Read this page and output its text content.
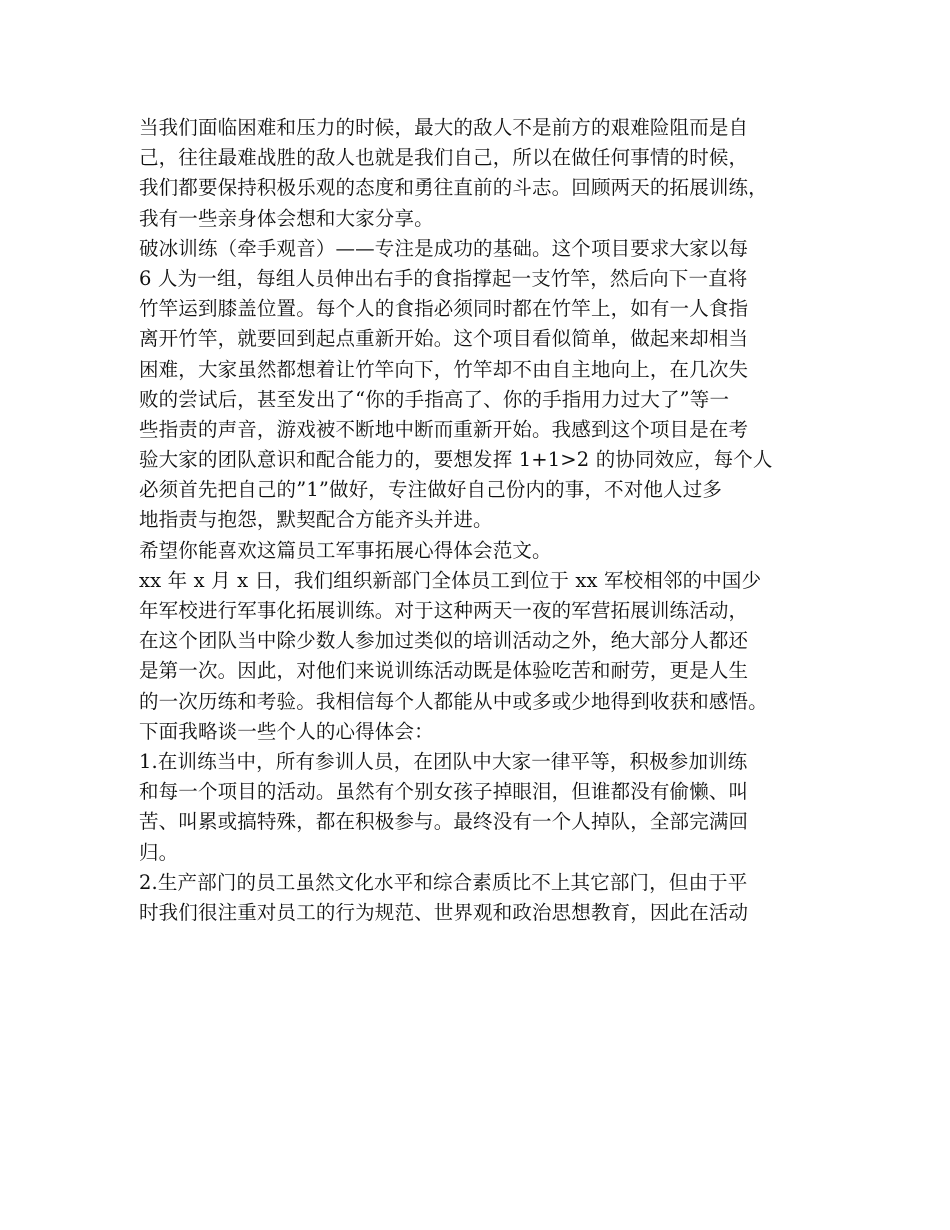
当我们面临困难和压力的时候，最大的敌人不是前方的艰难险阻而是自
己，往往最难战胜的敌人也就是我们自己，所以在做任何事情的时候，
我们都要保持积极乐观的态度和勇往直前的斗志。回顾两天的拓展训练，
我有一些亲身体会想和大家分享。
破冰训练（牵手观音）——专注是成功的基础。这个项目要求大家以每
6 人为一组，每组人员伸出右手的食指撑起一支竹竿，然后向下一直将
竹竿运到膝盖位置。每个人的食指必须同时都在竹竿上，如有一人食指
离开竹竿，就要回到起点重新开始。这个项目看似简单，做起来却相当
困难，大家虽然都想着让竹竿向下，竹竿却不由自主地向上，在几次失
败的尝试后，甚至发出了“你的手指高了、你的手指用力过大了”等一
些指责的声音，游戏被不断地中断而重新开始。我感到这个项目是在考
验大家的团队意识和配合能力的，要想发挥 1+1>2 的协同效应，每个人
必须首先把自己的”1”做好，专注做好自己份内的事，不对他人过多
地指责与抱怨，默契配合方能齐头并进。
希望你能喜欢这篇员工军事拓展心得体会范文。
xx 年 x 月 x 日，我们组织新部门全体员工到位于 xx 军校相邻的中国少
年军校进行军事化拓展训练。对于这种两天一夜的军营拓展训练活动，
在这个团队当中除少数人参加过类似的培训活动之外，绝大部分人都还
是第一次。因此，对他们来说训练活动既是体验吃苦和耐劳，更是人生
的一次历练和考验。我相信每个人都能从中或多或少地得到收获和感悟。
下面我略谈一些个人的心得体会：
1.在训练当中，所有参训人员，在团队中大家一律平等，积极参加训练
和每一个项目的活动。虽然有个别女孩子掉眼泪，但谁都没有偷懒、叫
苦、叫累或搞特殊，都在积极参与。最终没有一个人掉队，全部完满回
归。
2.生产部门的员工虽然文化水平和综合素质比不上其它部门，但由于平
时我们很注重对员工的行为规范、世界观和政治思想教育，因此在活动
